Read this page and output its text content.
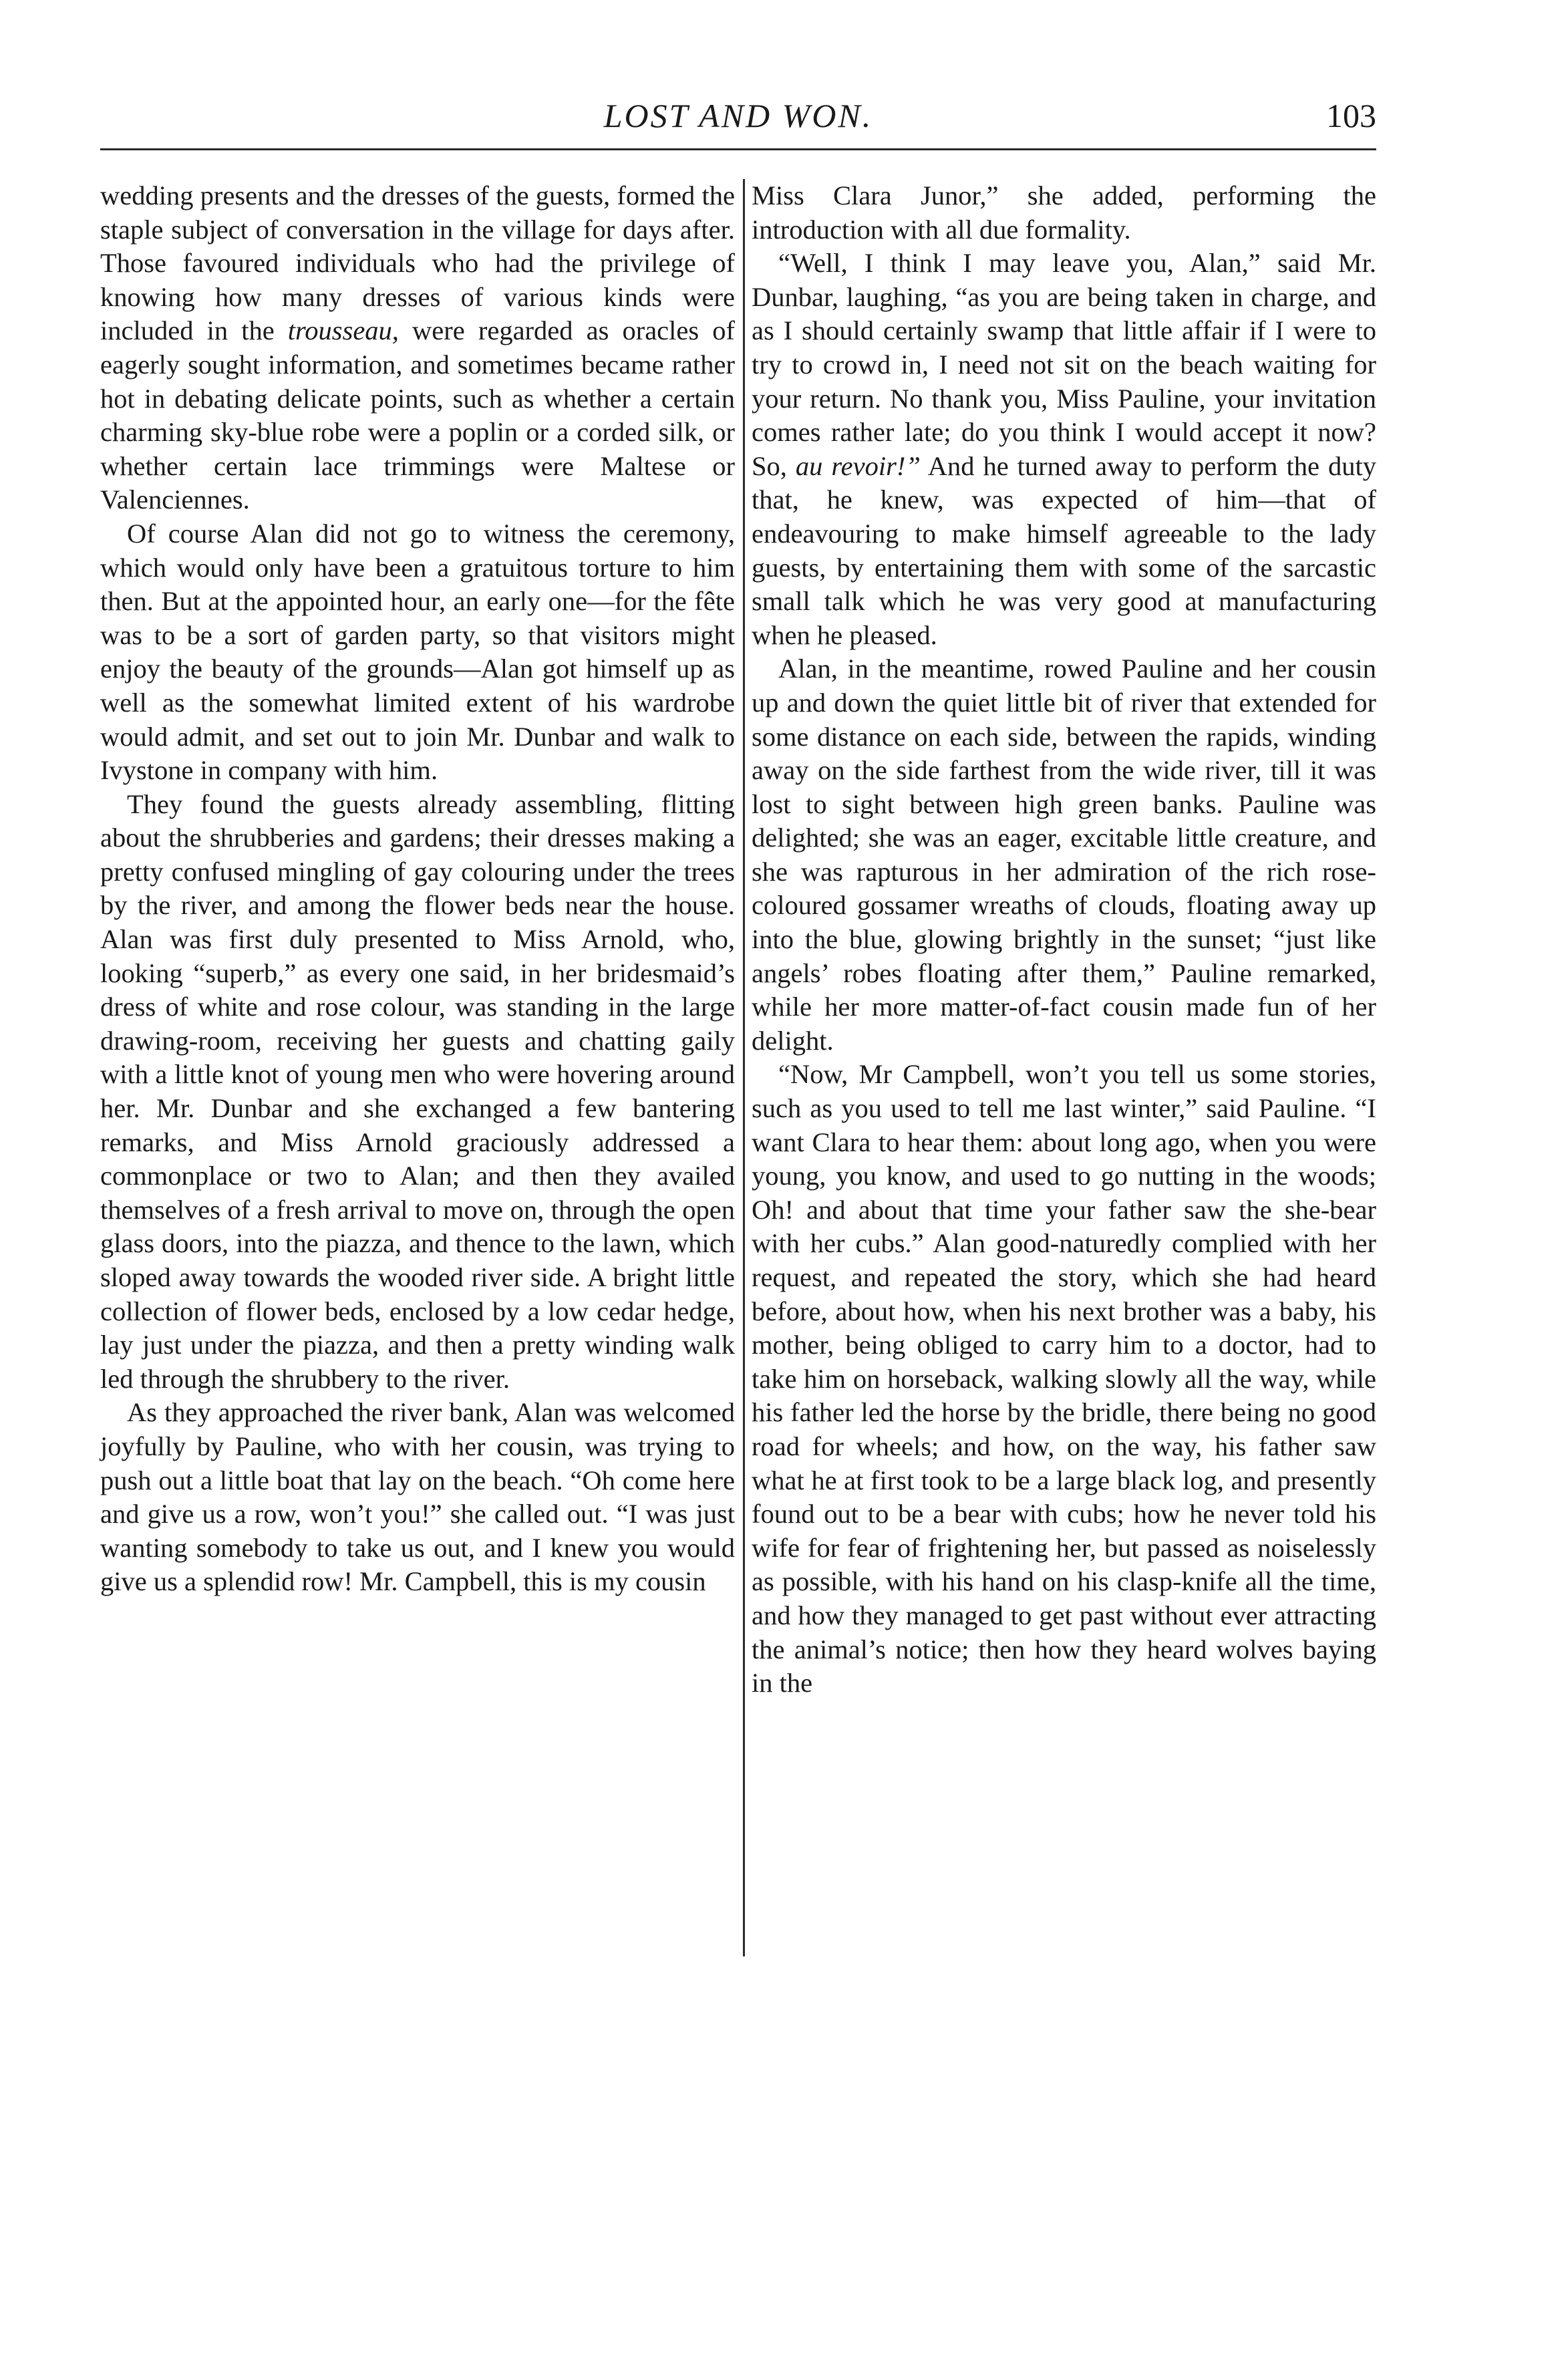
LOST AND WON.	103

wedding presents and the dresses of the guests, formed the staple subject of conversation in the village for days after. Those favoured individuals who had the privilege of knowing how many dresses of various kinds were included in the trousseau, were regarded as oracles of eagerly sought information, and sometimes became rather hot in debating delicate points, such as whether a certain charming sky-blue robe were a poplin or a corded silk, or whether certain lace trimmings were Maltese or Valenciennes.

Of course Alan did not go to witness the ceremony, which would only have been a gratuitous torture to him then. But at the appointed hour, an early one—for the fête was to be a sort of garden party, so that visitors might enjoy the beauty of the grounds—Alan got himself up as well as the somewhat limited extent of his wardrobe would admit, and set out to join Mr. Dunbar and walk to Ivystone in company with him.

They found the guests already assembling, flitting about the shrubberies and gardens; their dresses making a pretty confused mingling of gay colouring under the trees by the river, and among the flower beds near the house. Alan was first duly presented to Miss Arnold, who, looking “superb,” as every one said, in her bridesmaid’s dress of white and rose colour, was standing in the large drawing-room, receiving her guests and chatting gaily with a little knot of young men who were hovering around her. Mr. Dunbar and she exchanged a few bantering remarks, and Miss Arnold graciously addressed a commonplace or two to Alan; and then they availed themselves of a fresh arrival to move on, through the open glass doors, into the piazza, and thence to the lawn, which sloped away towards the wooded river side. A bright little collection of flower beds, enclosed by a low cedar hedge, lay just under the piazza, and then a pretty winding walk led through the shrubbery to the river.

As they approached the river bank, Alan was welcomed joyfully by Pauline, who with her cousin, was trying to push out a little boat that lay on the beach. “Oh come here and give us a row, won’t you!” she called out. “I was just wanting somebody to take us out, and I knew you would give us a splendid row! Mr. Campbell, this is my cousin

Miss Clara Junor,” she added, performing the introduction with all due formality.

“Well, I think I may leave you, Alan,” said Mr. Dunbar, laughing, “as you are being taken in charge, and as I should certainly swamp that little affair if I were to try to crowd in, I need not sit on the beach waiting for your return. No thank you, Miss Pauline, your invitation comes rather late; do you think I would accept it now? So, au revoir!” And he turned away to perform the duty that, he knew, was expected of him—that of endeavouring to make himself agreeable to the lady guests, by entertaining them with some of the sarcastic small talk which he was very good at manufacturing when he pleased.

Alan, in the meantime, rowed Pauline and her cousin up and down the quiet little bit of river that extended for some distance on each side, between the rapids, winding away on the side farthest from the wide river, till it was lost to sight between high green banks. Pauline was delighted; she was an eager, excitable little creature, and she was rapturous in her admiration of the rich rose-coloured gossamer wreaths of clouds, floating away up into the blue, glowing brightly in the sunset; “just like angels’ robes floating after them,” Pauline remarked, while her more matter-of-fact cousin made fun of her delight.

“Now, Mr Campbell, won’t you tell us some stories, such as you used to tell me last winter,” said Pauline. “I want Clara to hear them: about long ago, when you were young, you know, and used to go nutting in the woods; Oh! and about that time your father saw the she-bear with her cubs.” Alan good-naturedly complied with her request, and repeated the story, which she had heard before, about how, when his next brother was a baby, his mother, being obliged to carry him to a doctor, had to take him on horseback, walking slowly all the way, while his father led the horse by the bridle, there being no good road for wheels; and how, on the way, his father saw what he at first took to be a large black log, and presently found out to be a bear with cubs; how he never told his wife for fear of frightening her, but passed as noiselessly as possible, with his hand on his clasp-knife all the time, and how they managed to get past without ever attracting the animal’s notice; then how they heard wolves baying in the
